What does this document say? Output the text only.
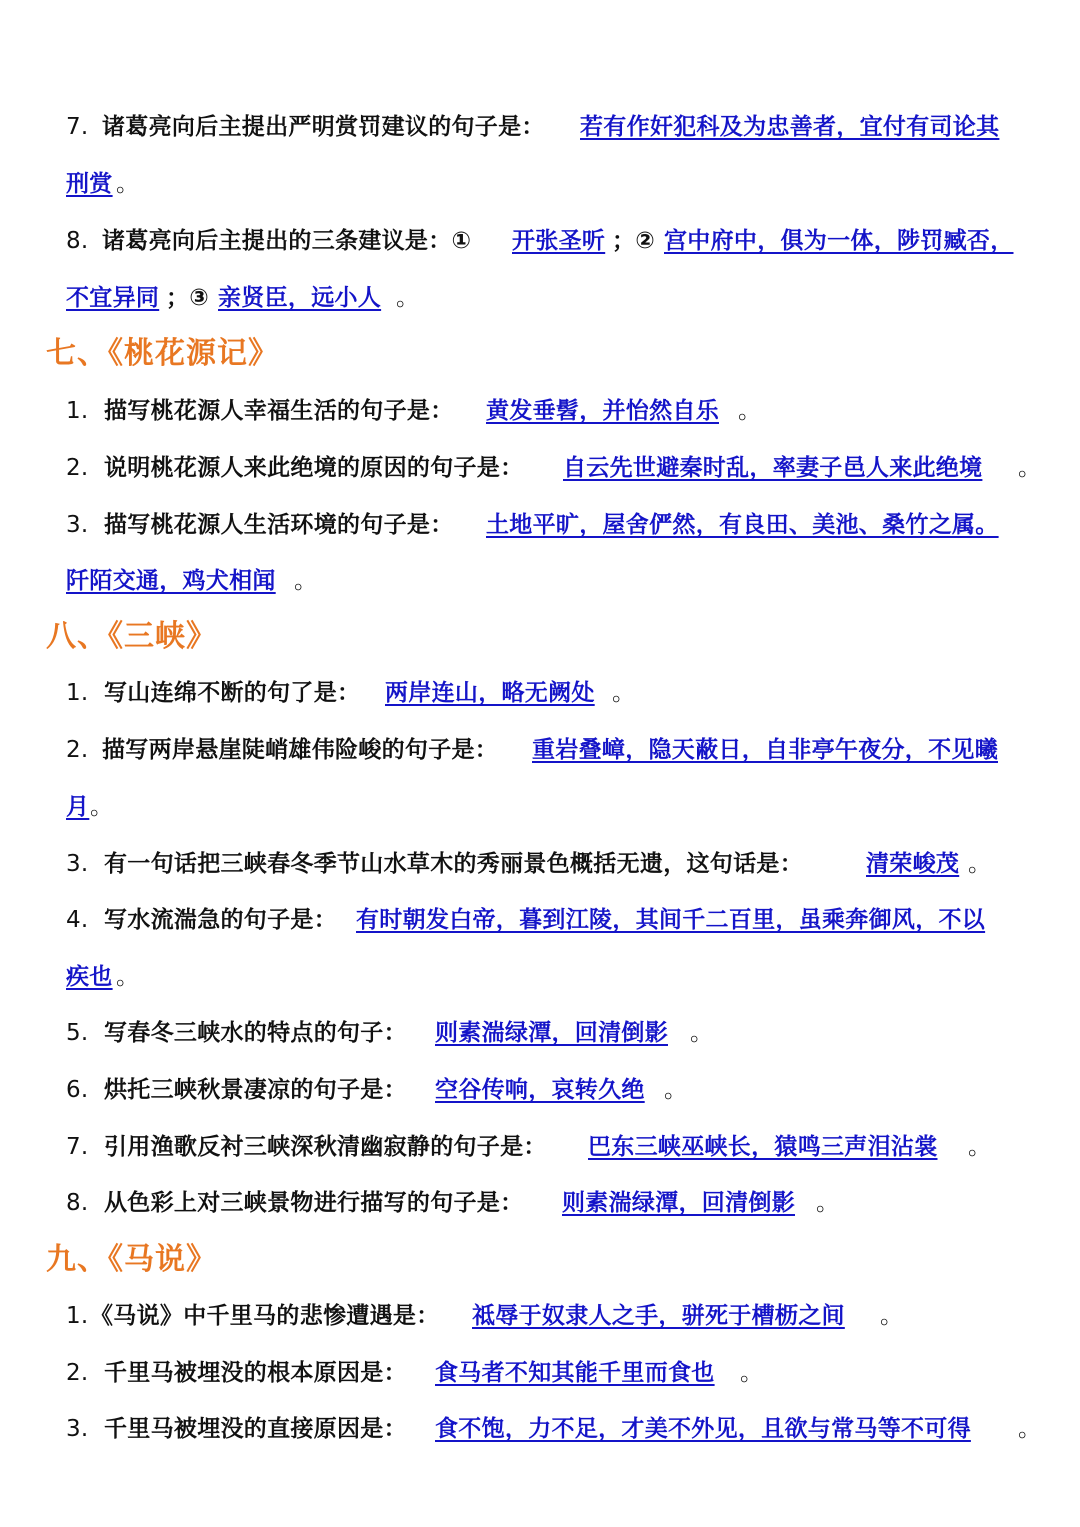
7. 诸葛亮向后主提出严明赏罚建议的句子是： 若有作奸犯科及为忠善者，宜付有司论其
刑赏 。
8. 诸葛亮向后主提出的三条建议是：① 开张圣听 ；② 宫中府中，俱为一体，陟罚臧否，
不宜异同 ；③ 亲贤臣，远小人 。
七、《桃花源记》
1. 描写桃花源人幸福生活的句子是： 黄发垂髫，并怡然自乐 。
2. 说明桃花源人来此绝境的原因的句子是： 自云先世避秦时乱，率妻子邑人来此绝境 。
3. 描写桃花源人生活环境的句子是： 土地平旷，屋舍俨然，有良田、美池、桑竹之属。
阡陌交通，鸡犬相闻 。
八、《三峡》
1. 写山连绵不断的句了是： 两岸连山，略无阙处 。
2. 描写两岸悬崖陡峭雄伟险峻的句子是： 重岩叠嶂，隐天蔽日，自非亭午夜分，不见曦
月 。
3. 有一句话把三峡春冬季节山水草木的秀丽景色概括无遗，这句话是：	清荣峻茂 。
4. 写水流湍急的句子是： 有时朝发白帝，暮到江陵，其间千二百里，虽乘奔御风，不以
疾也 。
5. 写春冬三峡水的特点的句子： 则素湍绿潭，回清倒影 。
6. 烘托三峡秋景凄凉的句子是： 空谷传响，哀转久绝 。
7. 引用渔歌反衬三峡深秋清幽寂静的句子是： 巴东三峡巫峡长，猿鸣三声泪沾裳 。
8. 从色彩上对三峡景物进行描写的句子是： 则素湍绿潭，回清倒影 。
九、《马说》
1. 《马说》中千里马的悲惨遭遇是： 祗辱于奴隶人之手，骈死于槽枥之间 。
2. 千里马被埋没的根本原因是： 食马者不知其能千里而食也 。
3. 千里马被埋没的直接原因是： 食不饱，力不足，才美不外见，且欲与常马等不可得 。
